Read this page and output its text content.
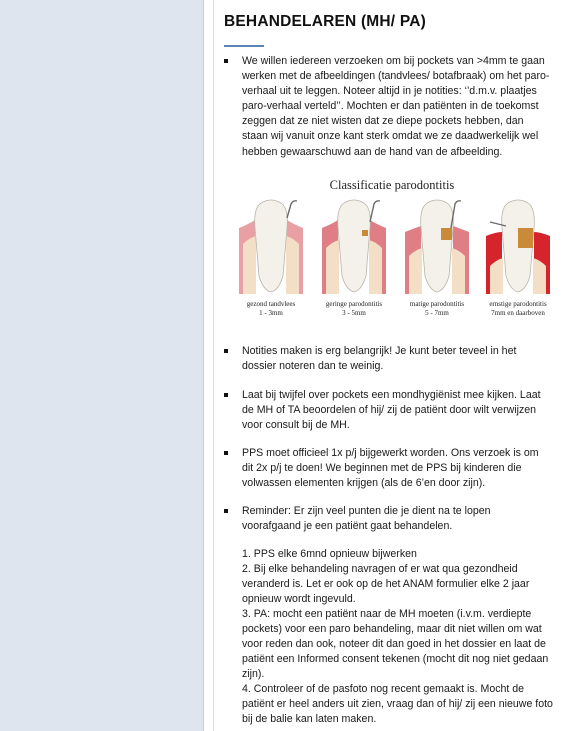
BEHANDELAREN (MH/ PA)
We willen iedereen verzoeken om bij pockets van >4mm te gaan werken met de afbeeldingen (tandvlees/ botafbraak) om het paro-verhaal uit te leggen. Noteer altijd in je notities: ‘’d.m.v. plaatjes paro-verhaal verteld’’. Mochten er dan patiënten in de toekomst zeggen dat ze niet wisten dat ze diepe pockets hebben, dan staan wij vanuit onze kant sterk omdat we ze daadwerkelijk wel hebben gewaarschuwd aan de hand van de afbeelding.
Classificatie parodontitis
gezond tandvlees
1 - 3mm
geringe parodontitis
3 - 5mm
matige parodontitis
5 - 7mm
ernstige parodontitis
7mm en daarboven
Notities maken is erg belangrijk! Je kunt beter teveel in het dossier noteren dan te weinig.
Laat bij twijfel over pockets een mondhygiënist mee kijken. Laat de MH of TA beoordelen of hij/ zij de patiënt door wilt verwijzen voor consult bij de MH.
PPS moet officieel 1x p/j bijgewerkt worden. Ons verzoek is om dit 2x p/j te doen! We beginnen met de PPS bij kinderen die volwassen elementen krijgen (als de 6’en door zijn).
Reminder: Er zijn veel punten die je dient na te lopen voorafgaand je een patiënt gaat behandelen.
1. PPS elke 6mnd opnieuw bijwerken
2. Bij elke behandeling navragen of er wat qua gezondheid veranderd is. Let er ook op de het ANAM formulier elke 2 jaar opnieuw wordt ingevuld.
3. PA: mocht een patiënt naar de MH moeten (i.v.m. verdiepte pockets) voor een paro behandeling, maar dit niet willen om wat voor reden dan ook, noteer dit dan goed in het dossier en laat de patiënt een Informed consent tekenen (mocht dit nog niet gedaan zijn).
4. Controleer of de pasfoto nog recent gemaakt is. Mocht de patiënt er heel anders uit zien, vraag dan of hij/ zij een nieuwe foto bij de balie kan laten maken.
